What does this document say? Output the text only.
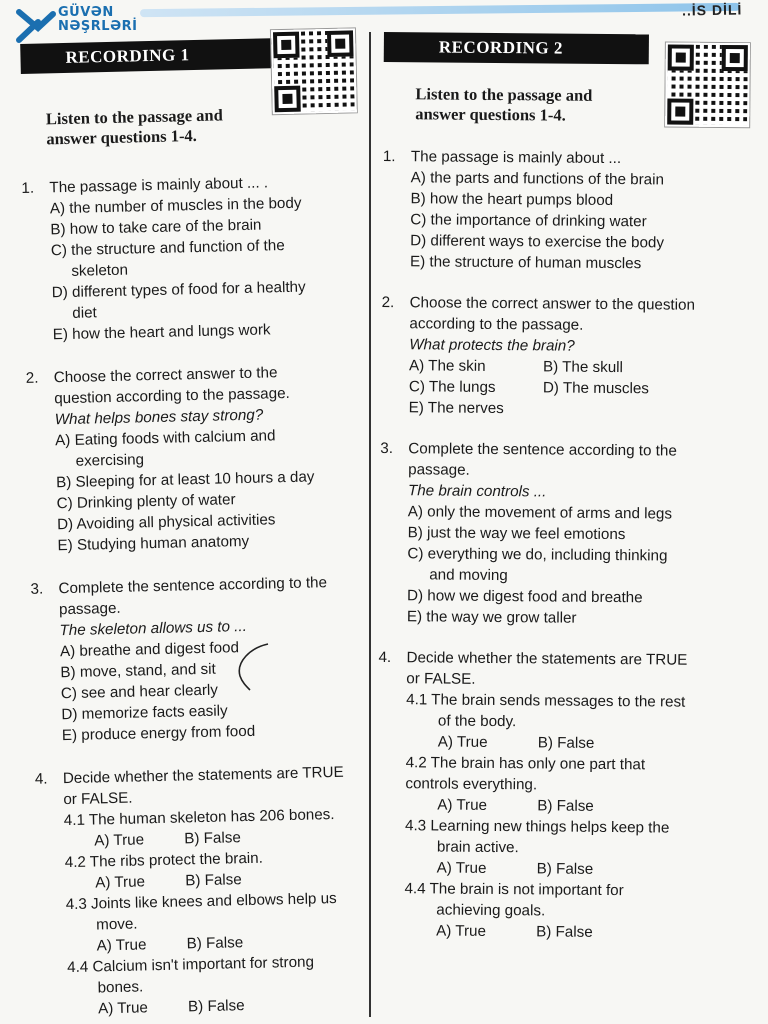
GÜVƏN
NƏŞRLƏRİ
..İS DİLİ
RECORDING 1
Listen to the passage and answer questions 1-4.
1. The passage is mainly about ... .
A) the number of muscles in the body
B) how to take care of the brain
C) the structure and function of the
skeleton
D) different types of food for a healthy
diet
E) how the heart and lungs work
2. Choose the correct answer to the
question according to the passage.
What helps bones stay strong?
A) Eating foods with calcium and
exercising
B) Sleeping for at least 10 hours a day
C) Drinking plenty of water
D) Avoiding all physical activities
E) Studying human anatomy
3. Complete the sentence according to the
passage.
The skeleton allows us to ...
A) breathe and digest food
B) move, stand, and sit
C) see and hear clearly
D) memorize facts easily
E) produce energy from food
4. Decide whether the statements are TRUE
or FALSE.
4.1 The human skeleton has 206 bones.
A) True	B) False
4.2 The ribs protect the brain.
A) True	B) False
4.3 Joints like knees and elbows help us
move.
A) True	B) False
4.4 Calcium isn't important for strong
bones.
A) True	B) False
RECORDING 2
Listen to the passage and answer questions 1-4.
1. The passage is mainly about ...
A) the parts and functions of the brain
B) how the heart pumps blood
C) the importance of drinking water
D) different ways to exercise the body
E) the structure of human muscles
2. Choose the correct answer to the question
according to the passage.
What protects the brain?
A) The skin	B) The skull
C) The lungs	D) The muscles
E) The nerves
3. Complete the sentence according to the
passage.
The brain controls ...
A) only the movement of arms and legs
B) just the way we feel emotions
C) everything we do, including thinking
and moving
D) how we digest food and breathe
E) the way we grow taller
4. Decide whether the statements are TRUE
or FALSE.
4.1 The brain sends messages to the rest
of the body.
A) True	B) False
4.2 The brain has only one part that
controls everything.
A) True	B) False
4.3 Learning new things helps keep the
brain active.
A) True	B) False
4.4 The brain is not important for
achieving goals.
A) True	B) False
